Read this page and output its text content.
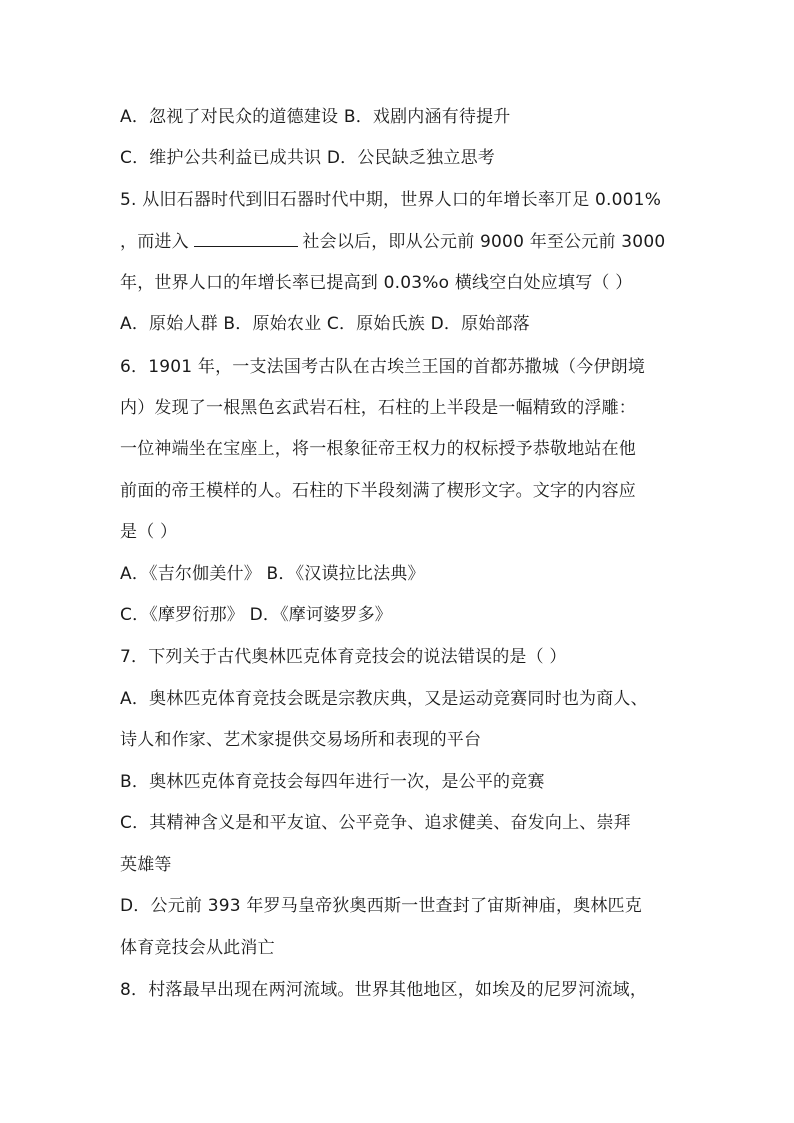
A．忽视了对民众的道德建设 B．戏剧内涵有待提升
C．维护公共利益已成共识 D．公民缺乏独立思考
5. 从旧石器时代到旧石器时代中期，世界人口的年增长率丌足 0.001%
，而进入	社会以后，即从公元前 9000 年至公元前 3000
年，世界人口的年增长率已提高到 0.03%o 横线空白处应填写（ ）
A．原始人群 B．原始农业 C．原始氏族 D．原始部落
6．1901 年，一支法国考古队在古埃兰王国的首都苏撒城（今伊朗境
内）发现了一根黑色玄武岩石柱，石柱的上半段是一幅精致的浮雕：
一位神端坐在宝座上，将一根象征帝王权力的权标授予恭敬地站在他
前面的帝王模样的人。石柱的下半段刻满了楔形文字。文字的内容应
是（ ）
A．《吉尔伽美什》 B．《汉谟拉比法典》
C．《摩罗衍那》 D．《摩诃婆罗多》
7．下列关于古代奥林匹克体育竞技会的说法错误的是（ ）
A．奥林匹克体育竞技会既是宗教庆典，又是运动竞赛同时也为商人、
诗人和作家、艺术家提供交易场所和表现的平台
B．奥林匹克体育竞技会每四年进行一次，是公平的竞赛
C．其精神含义是和平友谊、公平竞争、追求健美、奋发向上、崇拜
英雄等
D．公元前 393 年罗马皇帝狄奥西斯一世查封了宙斯神庙，奥林匹克
体育竞技会从此消亡
8．村落最早出现在两河流域。世界其他地区，如埃及的尼罗河流域，
